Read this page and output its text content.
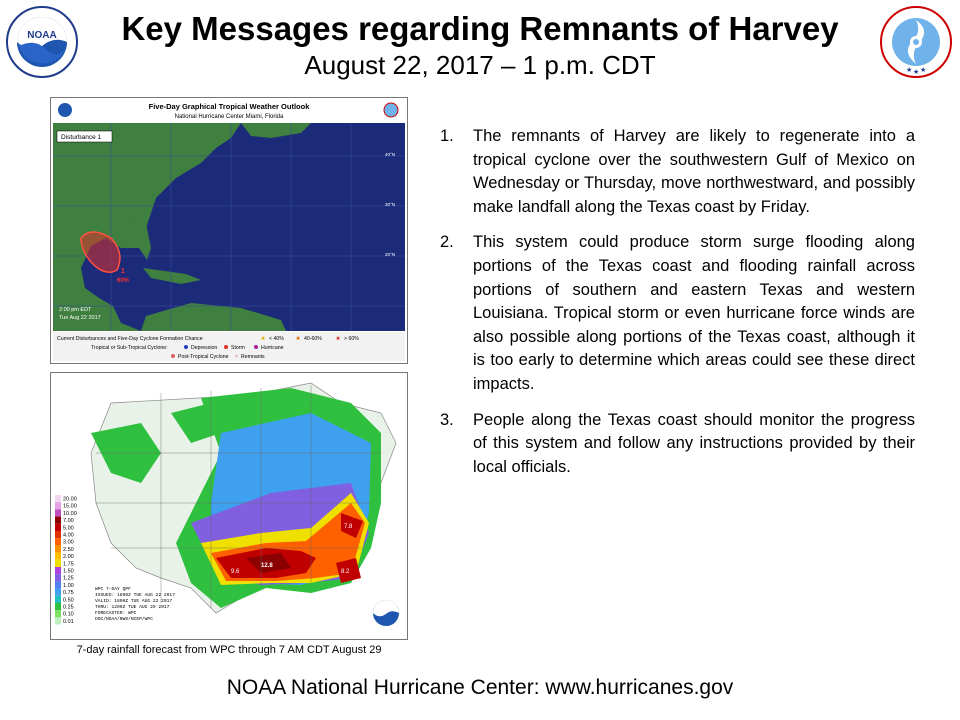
NOAA
★ ★ ★
Key Messages regarding Remnants of Harvey
August 22, 2017 – 1 p.m. CDT
Five-Day Graphical Tropical Weather Outlook
National Hurricane Center Miami, Florida
40°N
30°N
20°N
1
60%
Disturbance 1
2:00 pm EDT
Tue Aug 22 2017
Current Disturbances and Five-Day Cyclone Formation Chance	✖ < 40% ✖ 40-60%	✖ > 60%
Tropical or Sub-Tropical Cyclone:	Depression	Storm	Hurricane
Post-Tropical Cyclone × Remnants
12.8
9.6
7.8
8.2
20.00
15.00
10.00
7.00
5.00
4.00
3.00
2.50
2.00
1.75
1.50
1.25
1.00
0.75
0.50
0.25
0.10
0.01
WPC 7-DAY QPF
ISSUED: 1800Z TUE AUG 22 2017
VALID: 1800Z TUE AUG 22 2017
THRU: 1200Z TUE AUG 29 2017
FORECASTER: WPC
DOC/NOAA/NWS/NCEP/WPC
7-day rainfall forecast from WPC through 7 AM CDT August 29
1. The remnants of Harvey are likely to regenerate into a tropical cyclone over the southwestern Gulf of Mexico on Wednesday or Thursday, move northwestward, and possibly make landfall along the Texas coast by Friday.
2. This system could produce storm surge flooding along portions of the Texas coast and flooding rainfall across portions of southern and eastern Texas and western Louisiana. Tropical storm or even hurricane force winds are also possible along portions of the Texas coast, although it is too early to determine which areas could see these direct impacts.
3. People along the Texas coast should monitor the progress of this system and follow any instructions provided by their local officials.
NOAA National Hurricane Center: www.hurricanes.gov
